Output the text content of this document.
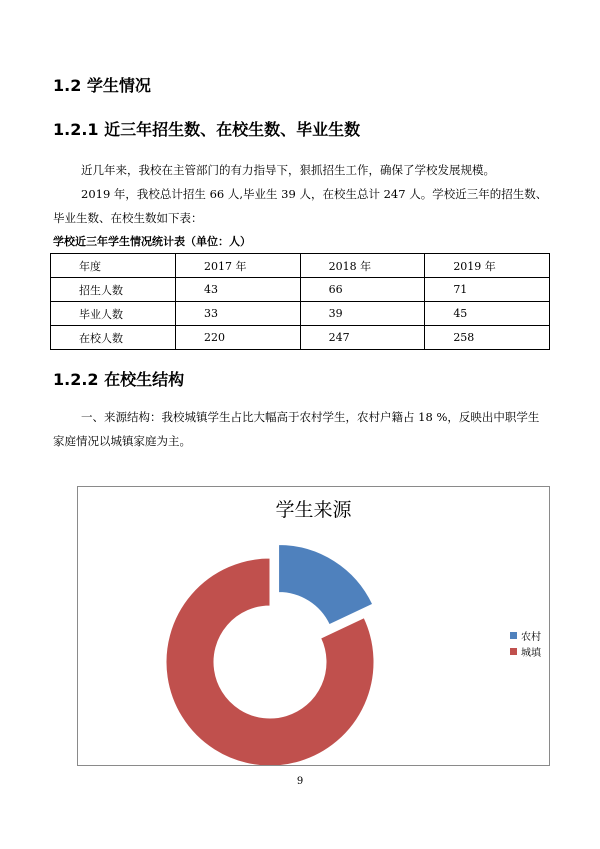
1.2 学生情况
1.2.1 近三年招生数、在校生数、毕业生数
近几年来，我校在主管部门的有力指导下，狠抓招生工作，确保了学校发展规模。
2019 年，我校总计招生 66 人,毕业生 39 人，在校生总计 247 人。学校近三年的招生数、毕业生数、在校生数如下表：
学校近三年学生情况统计表（单位：人）
年度	2017 年	2018 年	2019 年
招生人数	43	66	71
毕业人数	33	39	45
在校人数	220	247	258
1.2.2 在校生结构
一、来源结构：我校城镇学生占比大幅高于农村学生，农村户籍占 18 %，反映出中职学生家庭情况以城镇家庭为主。
学生来源
农村
城填
9
